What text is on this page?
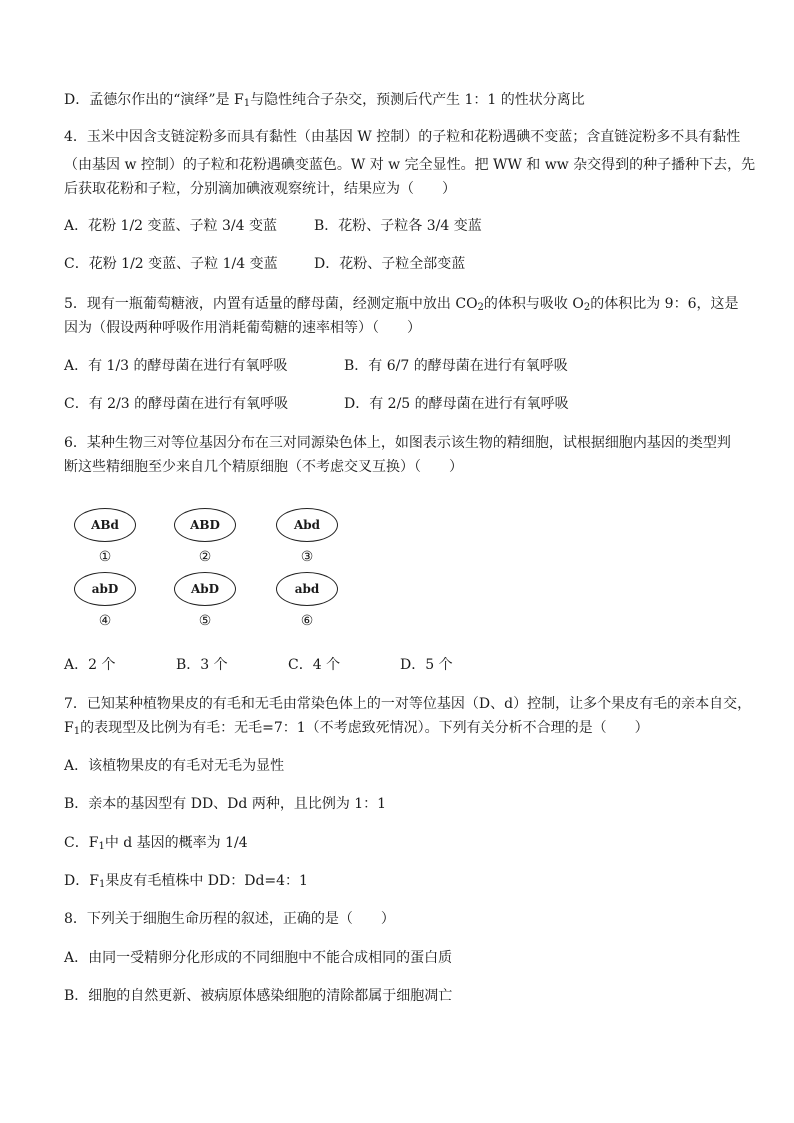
D．孟德尔作出的“演绎”是 $F_1$与隐性纯合子杂交，预测后代产生 1：1 的性状分离比
4．玉米中因含支链淀粉多而具有黏性（由基因 W 控制）的子粒和花粉遇碘不变蓝；含直链淀粉多不具有黏性
（由基因 w 控制）的子粒和花粉遇碘变蓝色。W 对 w 完全显性。把 WW 和 ww 杂交得到的种子播种下去，先
后获取花粉和子粒，分别滴加碘液观察统计，结果应为（　　）
A．花粉 1/2 变蓝、子粒 3/4 变蓝	B．花粉、子粒各 3/4 变蓝
C．花粉 1/2 变蓝、子粒 1/4 变蓝	D．花粉、子粒全部变蓝
5．现有一瓶葡萄糖液，内置有适量的酵母菌，经测定瓶中放出 $CO_2$的体积与吸收 $O_2$的体积比为 9：6，这是
因为（假设两种呼吸作用消耗葡萄糖的速率相等）（　　）
A．有 1/3 的酵母菌在进行有氧呼吸	B．有 6/7 的酵母菌在进行有氧呼吸
C．有 2/3 的酵母菌在进行有氧呼吸	D．有 2/5 的酵母菌在进行有氧呼吸
6．某种生物三对等位基因分布在三对同源染色体上，如图表示该生物的精细胞，试根据细胞内基因的类型判
断这些精细胞至少来自几个精原细胞（不考虑交叉互换）（　　）
ABd
①
ABD
②
Abd
③
abD
④
AbD
⑤
abd
⑥
A．2 个	B．3 个	C．4 个	D．5 个
7．已知某种植物果皮的有毛和无毛由常染色体上的一对等位基因（D、d）控制，让多个果皮有毛的亲本自交，
$F_1$的表现型及比例为有毛：无毛=7：1（不考虑致死情况）。下列有关分析不合理的是（　　）
A．该植物果皮的有毛对无毛为显性
B．亲本的基因型有 DD、Dd 两种，且比例为 1：1
C．$F_1$中 d 基因的概率为 1/4
D．$F_1$果皮有毛植株中 DD：Dd=4：1
8．下列关于细胞生命历程的叙述，正确的是（　　）
A．由同一受精卵分化形成的不同细胞中不能合成相同的蛋白质
B．细胞的自然更新、被病原体感染细胞的清除都属于细胞凋亡
